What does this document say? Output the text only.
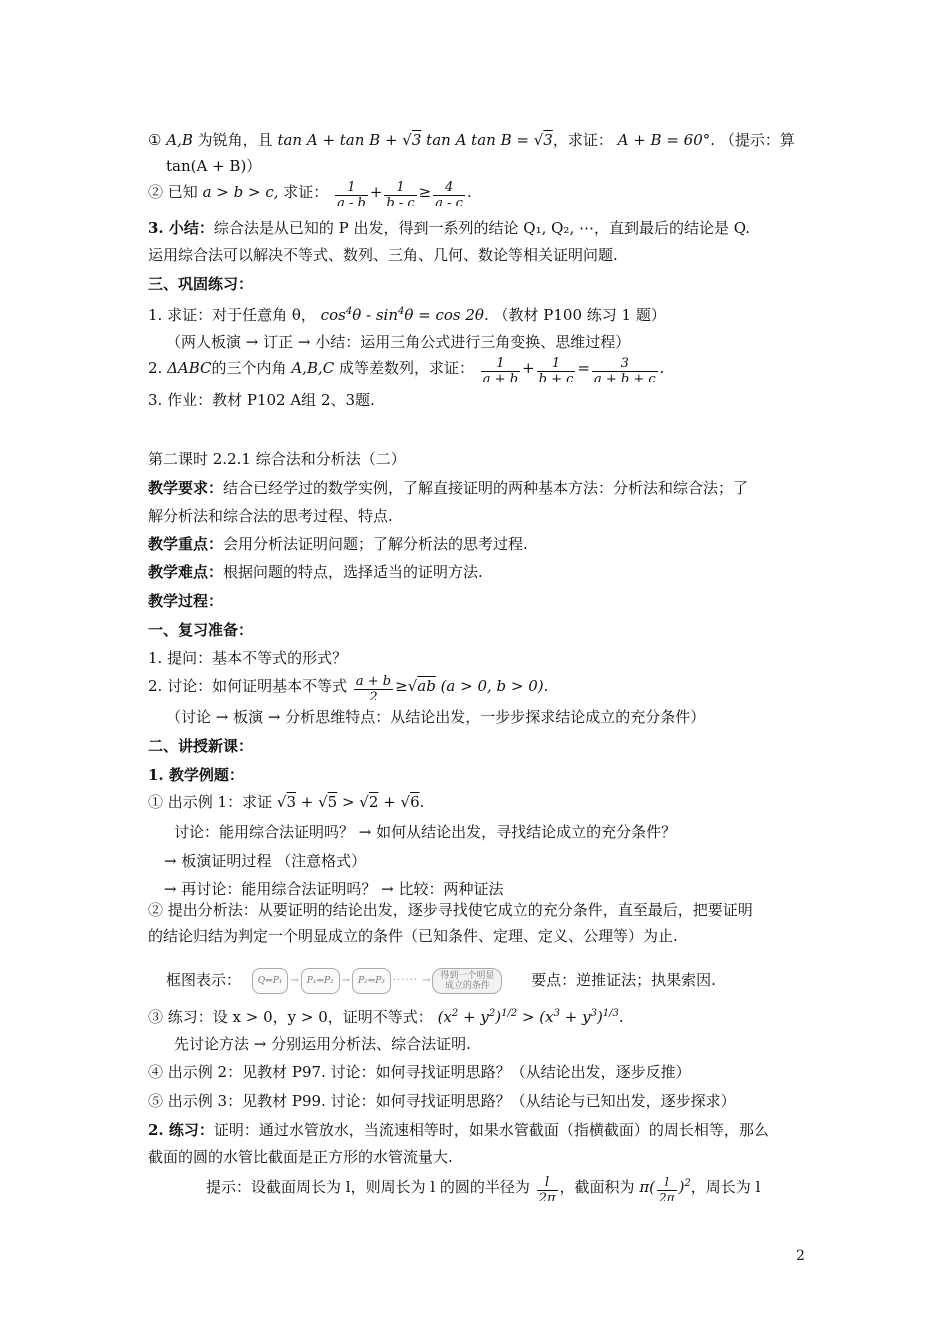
① A,B 为锐角，且 tan A + tan B + √3 tan A tan B = √3，求证： A + B = 60°. （提示：算
tan(A + B)）
② 已知 a > b > c, 求证： $\frac{1}{a - b} + \frac{1}{b - c} \ge \frac{4}{a - c}$ .
3. 小结：综合法是从已知的 P 出发，得到一系列的结论 Q₁, Q₂, ⋯，直到最后的结论是 Q.
运用综合法可以解决不等式、数列、三角、几何、数论等相关证明问题.
三、巩固练习：
1. 求证：对于任意角 θ， $\cos^4\theta - \sin^4\theta = \cos 2\theta$. （教材 P100 练习 1 题）
（两人板演 → 订正 → 小结：运用三角公式进行三角变换、思维过程）
2. ΔABC的三个内角 A,B,C 成等差数列，求证： $\frac{1}{a + b} + \frac{1}{b + c} = \frac{3}{a + b + c}$ .
3. 作业：教材 P102 A组 2、3题.
第二课时 2.2.1 综合法和分析法（二）
教学要求：结合已经学过的数学实例，了解直接证明的两种基本方法：分析法和综合法；了
解分析法和综合法的思考过程、特点.
教学重点：会用分析法证明问题；了解分析法的思考过程.
教学难点：根据问题的特点，选择适当的证明方法.
教学过程：
一、复习准备：
1. 提问：基本不等式的形式？
2. 讨论：如何证明基本不等式 $\frac{a + b}{2} \ge√ab$ (a > 0, b > 0).
（讨论 → 板演 → 分析思维特点：从结论出发，一步步探求结论成立的充分条件）
二、讲授新课：
1. 教学例题：
① 出示例 1：求证 √3 + √5 > √2 + √6.
讨论：能用综合法证明吗？ → 如何从结论出发，寻找结论成立的充分条件？
→ 板演证明过程 （注意格式）
→ 再讨论：能用综合法证明吗？ → 比较：两种证法
② 提出分析法：从要证明的结论出发，逐步寻找使它成立的充分条件，直至最后，把要证明
的结论归结为判定一个明显成立的条件（已知条件、定理、定义、公理等）为止.
框图表示：	Q⇐P₁ → P₁⇐P₂ → P₂⇐P₃ ······ →	得到一个明显成立的条件	要点：逆推证法；执果索因.
③ 练习：设 x > 0，y > 0，证明不等式： $(x^2 + y^2)^{1/2} > (x^3 + y^3)^{1/3}$.
先讨论方法 → 分别运用分析法、综合法证明.
④ 出示例 2：见教材 P97. 讨论：如何寻找证明思路？（从结论出发，逐步反推）
⑤ 出示例 3：见教材 P99. 讨论：如何寻找证明思路？（从结论与已知出发，逐步探求）
2. 练习：证明：通过水管放水，当流速相等时，如果水管截面（指横截面）的周长相等，那么
截面的圆的水管比截面是正方形的水管流量大.
提示：设截面周长为 l，则周长为 l 的圆的半径为 $\frac{l}{2\pi}$ ，截面积为 $\pi( \frac{l}{2\pi} )^2$，周长为 l
2
